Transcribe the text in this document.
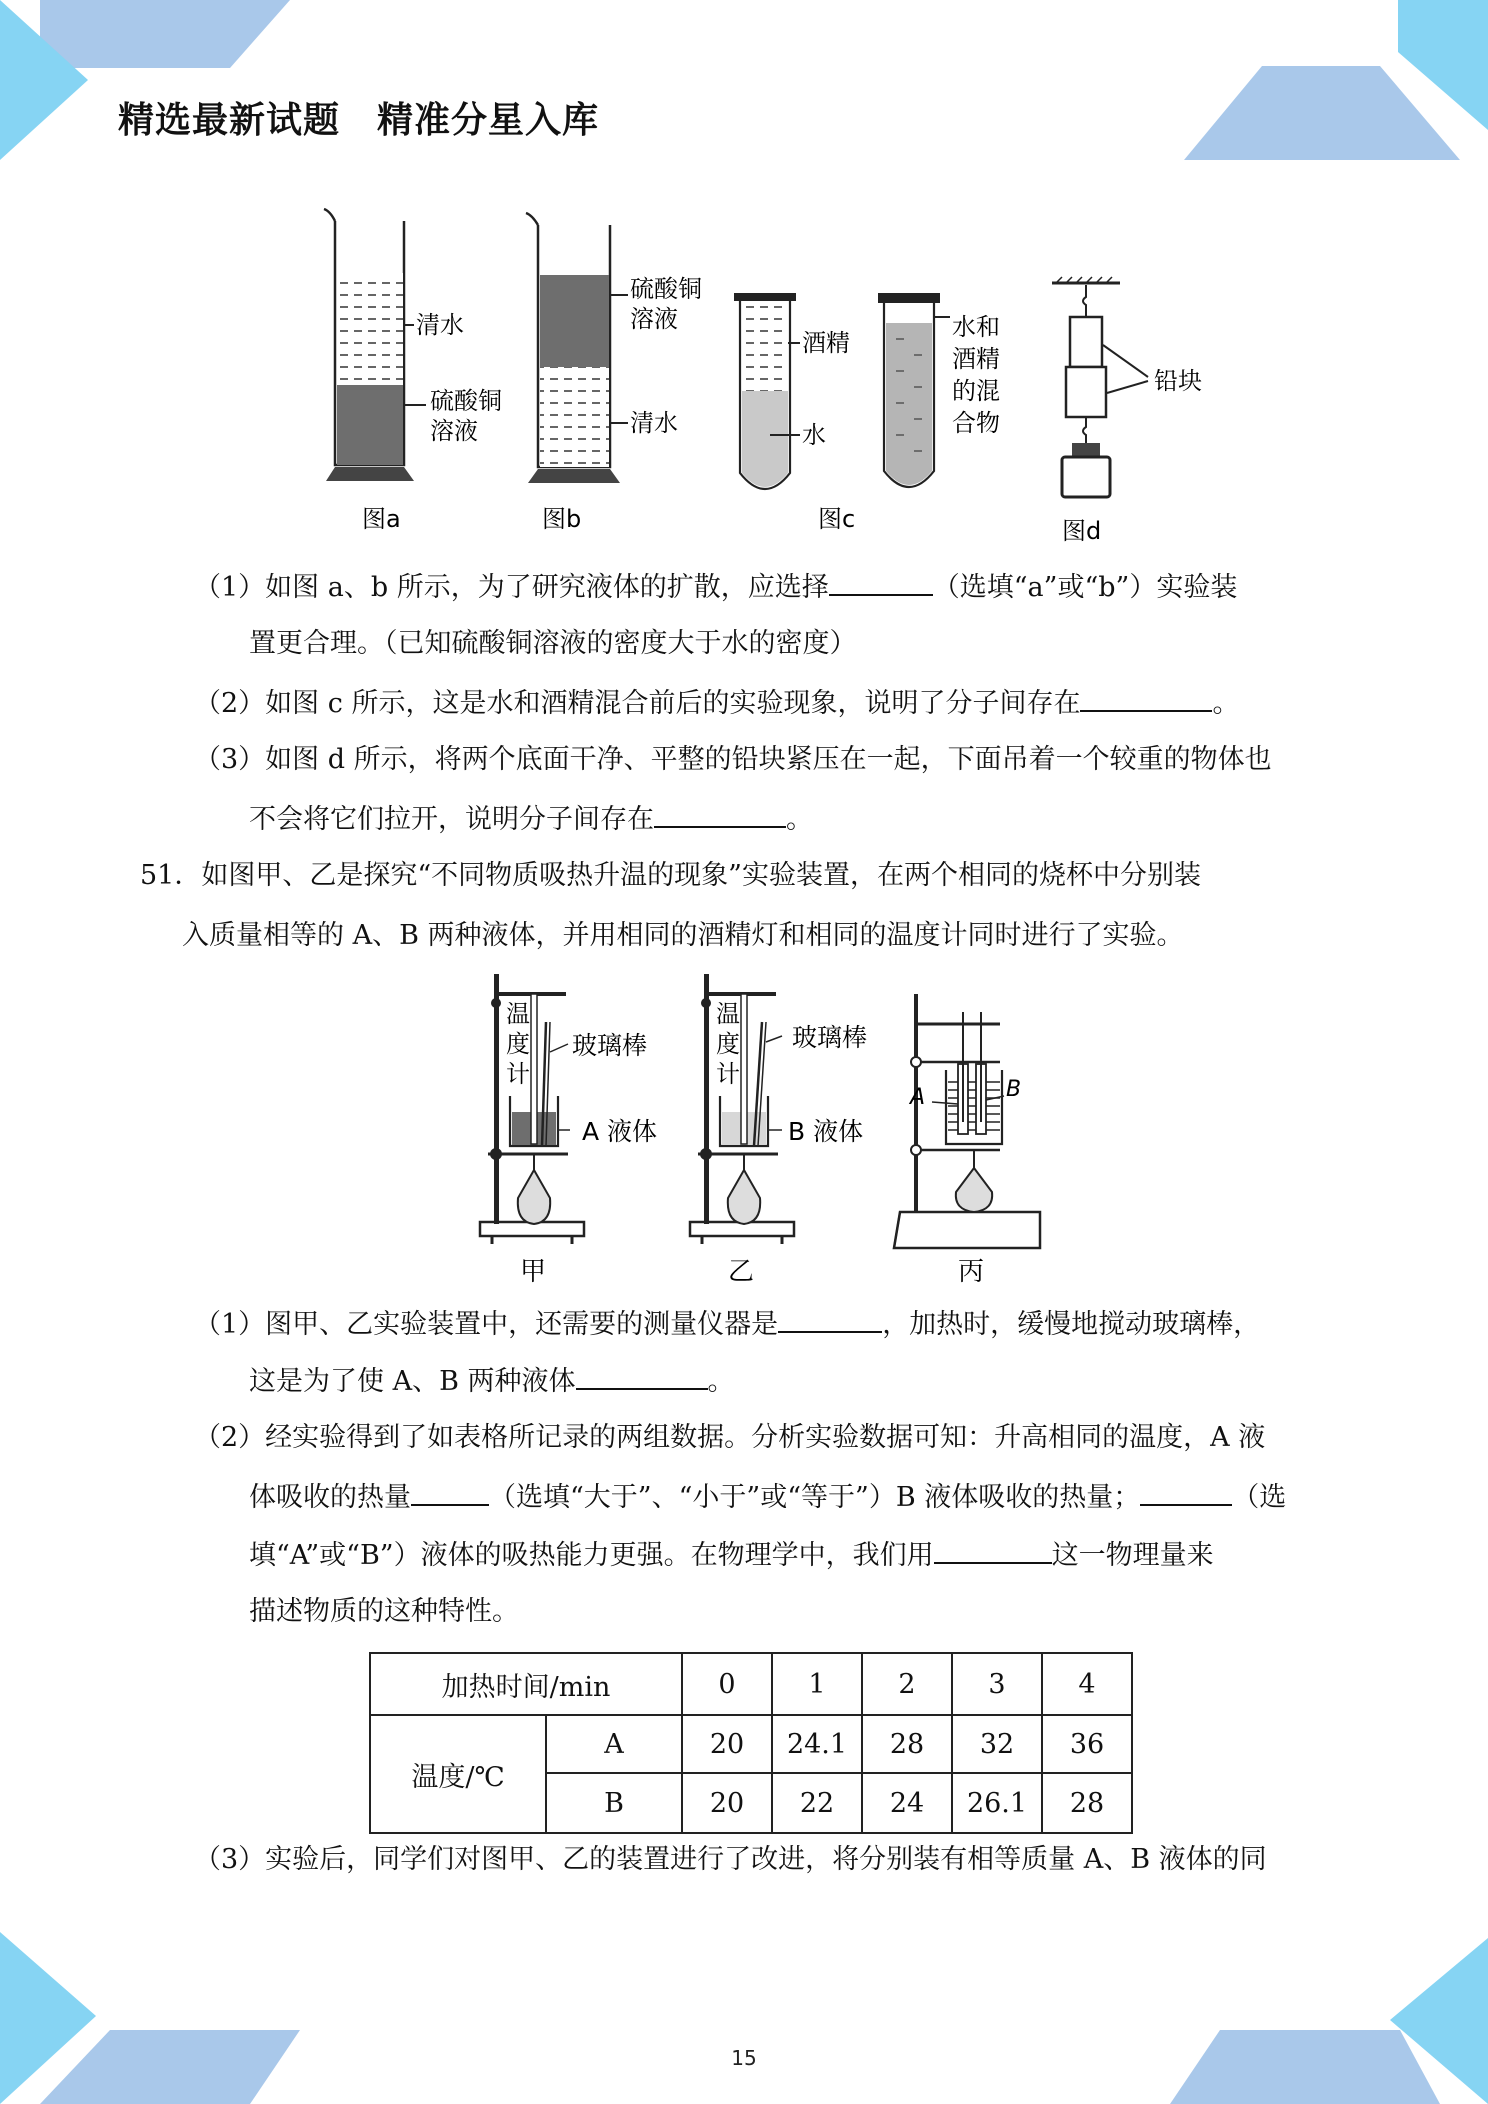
精选最新试题　精准分星入库
清水
硫酸铜
溶液
图a
硫酸铜
溶液
清水
图b
酒精
水
水和
酒精
的混
合物
图c
铅块
图d
（1）如图 a、b 所示，为了研究液体的扩散，应选择	（选填“a”或“b”）实验装
置更合理。（已知硫酸铜溶液的密度大于水的密度）
（2）如图 c 所示，这是水和酒精混合前后的实验现象，说明了分子间存在	。
（3）如图 d 所示，将两个底面干净、平整的铅块紧压在一起，下面吊着一个较重的物体也
不会将它们拉开，说明分子间存在	。
51．如图甲、乙是探究“不同物质吸热升温的现象”实验装置，在两个相同的烧杯中分别装
入质量相等的 A、B 两种液体，并用相同的酒精灯和相同的温度计同时进行了实验。
温
度
计
玻璃棒
A 液体
甲
温
度
计
玻璃棒
B 液体
乙
A	B
丙
（1）图甲、乙实验装置中，还需要的测量仪器是	，加热时，缓慢地搅动玻璃棒，
这是为了使 A、B 两种液体	。
（2）经实验得到了如表格所记录的两组数据。分析实验数据可知：升高相同的温度，A 液
体吸收的热量	（选填“大于”、“小于”或“等于”）B 液体吸收的热量；	（选
填“A”或“B”）液体的吸热能力更强。在物理学中，我们用	这一物理量来
描述物质的这种特性。
加热时间/min		0	1	2	3	4
温度/℃	A	20	24.1	28	32	36
	B	20	22	24	26.1	28
（3）实验后，同学们对图甲、乙的装置进行了改进，将分别装有相等质量 A、B 液体的同
15
